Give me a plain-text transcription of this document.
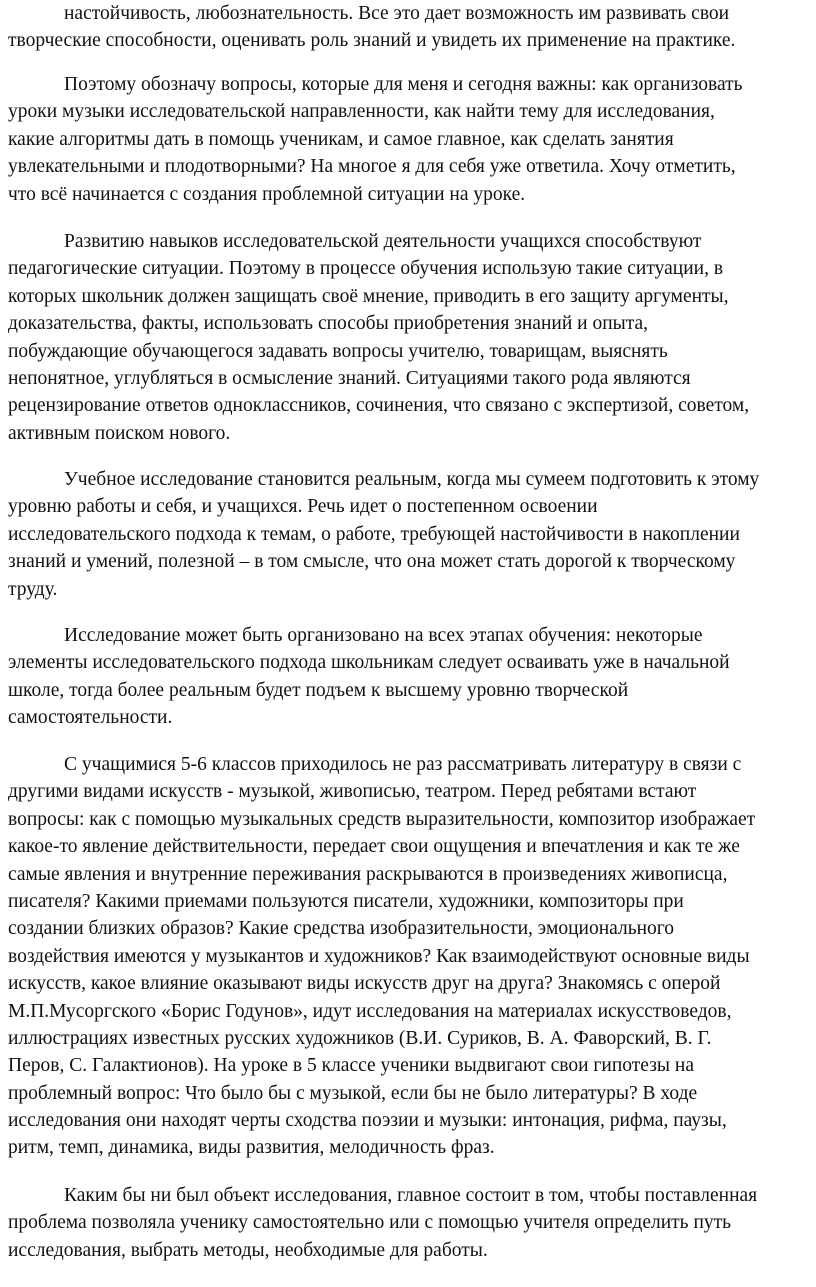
настойчивость, любознательность. Все это дает возможность им развивать свои
творческие способности, оценивать роль знаний и увидеть их применение на практике.
Поэтому обозначу вопросы, которые для меня и сегодня важны: как организовать
уроки музыки исследовательской направленности, как найти тему для исследования,
какие алгоритмы дать в помощь ученикам, и самое главное, как сделать занятия
увлекательными и плодотворными? На многое я для себя уже ответила. Хочу отметить,
что всё начинается с создания проблемной ситуации на уроке.
Развитию навыков исследовательской деятельности учащихся способствуют
педагогические ситуации. Поэтому в процессе обучения использую такие ситуации, в
которых школьник должен защищать своё мнение, приводить в его защиту аргументы,
доказательства, факты, использовать способы приобретения знаний и опыта,
побуждающие обучающегося задавать вопросы учителю, товарищам, выяснять
непонятное, углубляться в осмысление знаний. Ситуациями такого рода являются
рецензирование ответов одноклассников, сочинения, что связано с экспертизой, советом,
активным поиском нового.
Учебное исследование становится реальным, когда мы сумеем подготовить к этому
уровню работы и себя, и учащихся. Речь идет о постепенном освоении
исследовательского подхода к темам, о работе, требующей настойчивости в накоплении
знаний и умений, полезной – в том смысле, что она может стать дорогой к творческому
труду.
Исследование может быть организовано на всех этапах обучения: некоторые
элементы исследовательского подхода школьникам следует осваивать уже в начальной
школе, тогда более реальным будет подъем к высшему уровню творческой
самостоятельности.
С учащимися 5-6 классов приходилось не раз рассматривать литературу в связи с
другими видами искусств - музыкой, живописью, театром. Перед ребятами встают
вопросы: как с помощью музыкальных средств выразительности, композитор изображает
какое-то явление действительности, передает свои ощущения и впечатления и как те же
самые явления и внутренние переживания раскрываются в произведениях живописца,
писателя? Какими приемами пользуются писатели, художники, композиторы при
создании близких образов? Какие средства изобразительности, эмоционального
воздействия имеются у музыкантов и художников? Как взаимодействуют основные виды
искусств, какое влияние оказывают виды искусств друг на друга? Знакомясь с оперой
М.П.Мусоргского «Борис Годунов», идут исследования на материалах искусствоведов,
иллюстрациях известных русских художников (В.И. Суриков, В. А. Фаворский, В. Г.
Перов, С. Галактионов). На уроке в 5 классе ученики выдвигают свои гипотезы на
проблемный вопрос: Что было бы с музыкой, если бы не было литературы? В ходе
исследования они находят черты сходства поэзии и музыки: интонация, рифма, паузы,
ритм, темп, динамика, виды развития, мелодичность фраз.
Каким бы ни был объект исследования, главное состоит в том, чтобы поставленная
проблема позволяла ученику самостоятельно или с помощью учителя определить путь
исследования, выбрать методы, необходимые для работы.
